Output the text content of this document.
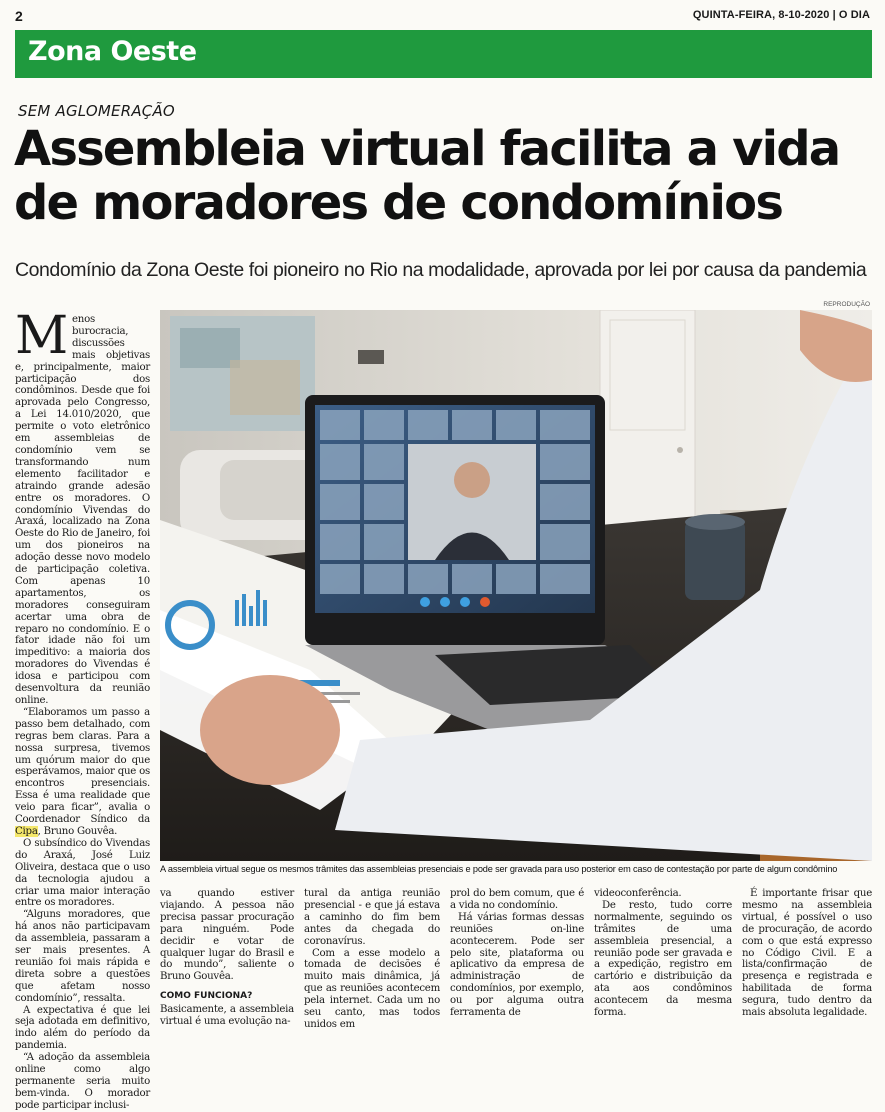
2	QUINTA-FEIRA, 8-10-2020 | O DIA
Zona Oeste
SEM AGLOMERAÇÃO
Assembleia virtual facilita a vida de moradores de condomínios
Condomínio da Zona Oeste foi pioneiro no Rio na modalidade, aprovada por lei por causa da pandemia
REPRODUÇÃO
A assembleia virtual segue os mesmos trâmites das assembleias presenciais e pode ser gravada para uso posterior em caso de contestação por parte de algum condômino

Menos burocracia, discussões mais objetivas e, principalmente, maior participação dos condôminos. Desde que foi aprovada pelo Congresso, a Lei 14.010/2020, que permite o voto eletrônico em assembleias de condomínio vem se transformando num elemento facilitador e atraindo grande adesão entre os moradores. O condomínio Vivendas do Araxá, localizado na Zona Oeste do Rio de Janeiro, foi um dos pioneiros na adoção desse novo modelo de participação coletiva. Com apenas 10 apartamentos, os moradores conseguiram acertar uma obra de reparo no condomínio. E o fator idade não foi um impeditivo: a maioria dos moradores do Vivendas é idosa e participou com desenvoltura da reunião online.

“Elaboramos um passo a passo bem detalhado, com regras bem claras. Para a nossa surpresa, tivemos um quórum maior do que esperávamos, maior que os encontros presenciais. Essa é uma realidade que veio para ficar”, avalia o Coordenador Síndico da Cipa, Bruno Gouvêa.

O subsíndico do Vivendas do Araxá, José Luiz Oliveira, destaca que o uso da tecnologia ajudou a criar uma maior interação entre os moradores.

“Alguns moradores, que há anos não participavam da assembleia, passaram a ser mais presentes. A reunião foi mais rápida e direta sobre a questões que afetam nosso condomínio”, ressalta.

A expectativa é que lei seja adotada em definitivo, indo além do período da pandemia.

“A adoção da assembleia online como algo permanente seria muito bem-vinda. O morador pode participar inclusi-

va quando estiver viajando. A pessoa não precisa passar procuração para ninguém. Pode decidir e votar de qualquer lugar do Brasil e do mundo”, saliente o Bruno Gouvêa.

COMO FUNCIONA?

Basicamente, a assembleia virtual é uma evolução na-

tural da antiga reunião presencial - e que já estava a caminho do fim bem antes da chegada do coronavírus.

Com a esse modelo a tomada de decisões é muito mais dinâmica, já que as reuniões acontecem pela internet. Cada um no seu canto, mas todos unidos em

prol do bem comum, que é a vida no condomínio.

Há várias formas dessas reuniões on-line acontecerem. Pode ser pelo site, plataforma ou aplicativo da empresa de administração de condomínios, por exemplo, ou por alguma outra ferramenta de

videoconferência.

De resto, tudo corre normalmente, seguindo os trâmites de uma assembleia presencial, a reunião pode ser gravada e a expedição, registro em cartório e distribuição da ata aos condôminos acontecem da mesma forma.

É importante frisar que mesmo na assembleia virtual, é possível o uso de procuração, de acordo com o que está expresso no Código Civil. E a lista/confirmação de presença e registrada e habilitada de forma segura, tudo dentro da mais absoluta legalidade.
